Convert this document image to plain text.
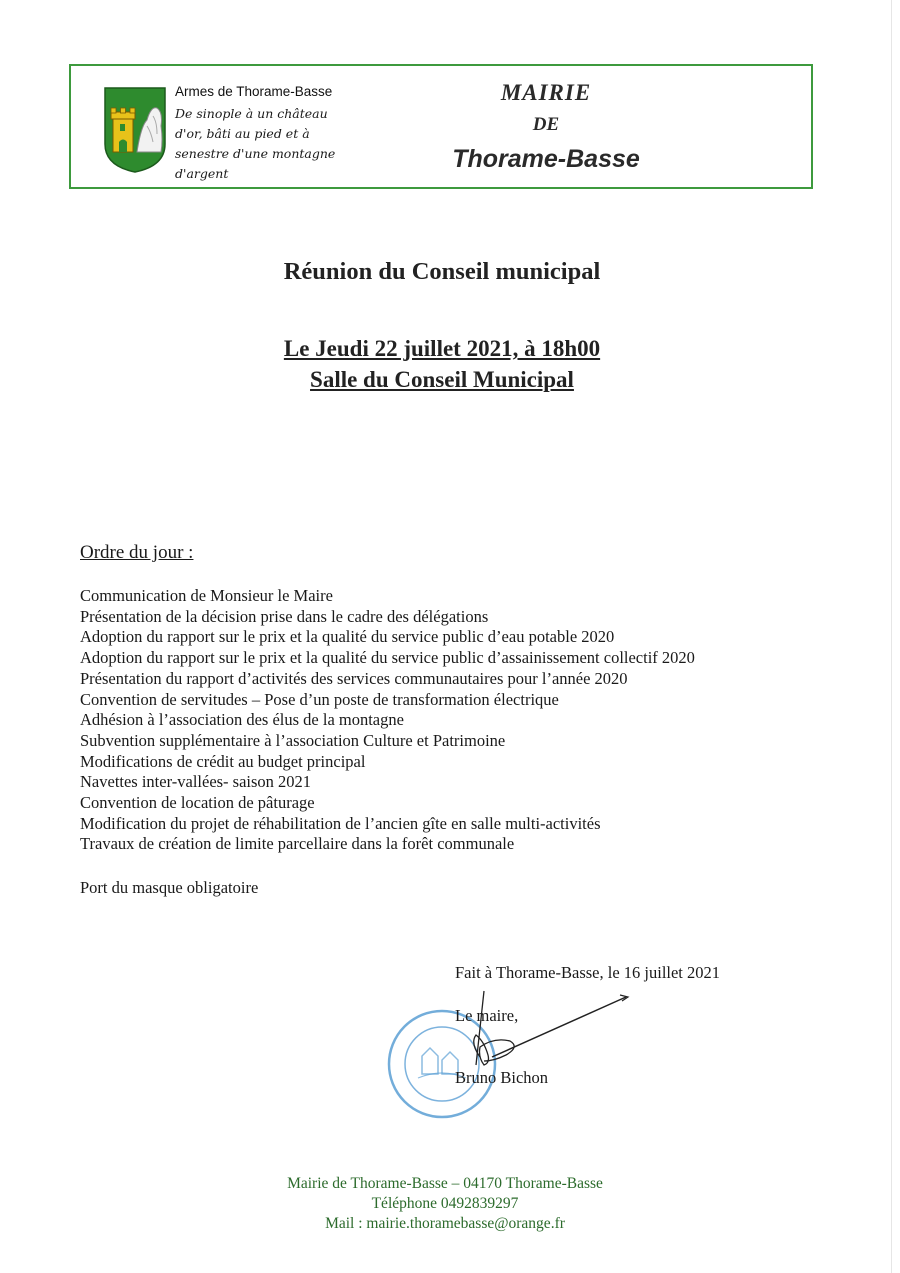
Armes de Thorame-Basse
De sinople à un château d'or, bâti au pied et à senestre d'une montagne d'argent
MAIRIE
DE
Thorame-Basse
Réunion du Conseil municipal
Le Jeudi 22 juillet 2021, à 18h00
Salle du Conseil Municipal
Ordre du jour :
Communication de Monsieur le Maire
Présentation de la décision prise dans le cadre des délégations
Adoption du rapport sur le prix et la qualité du service public d’eau potable 2020
Adoption du rapport sur le prix et la qualité du service public d’assainissement collectif 2020
Présentation du rapport d’activités des services communautaires pour l’année 2020
Convention de servitudes – Pose d’un poste de transformation électrique
Adhésion à l’association des élus de la montagne
Subvention supplémentaire à l’association Culture et Patrimoine
Modifications de crédit au budget principal
Navettes inter-vallées- saison 2021
Convention de location de pâturage
Modification du projet de réhabilitation de l’ancien gîte en salle multi-activités
Travaux de création de limite parcellaire dans la forêt communale
Port du masque obligatoire
Fait à Thorame-Basse, le 16 juillet 2021
Le maire,
Bruno Bichon
Mairie de Thorame-Basse – 04170 Thorame-Basse
Téléphone 0492839297
Mail : mairie.thoramebasse@orange.fr
